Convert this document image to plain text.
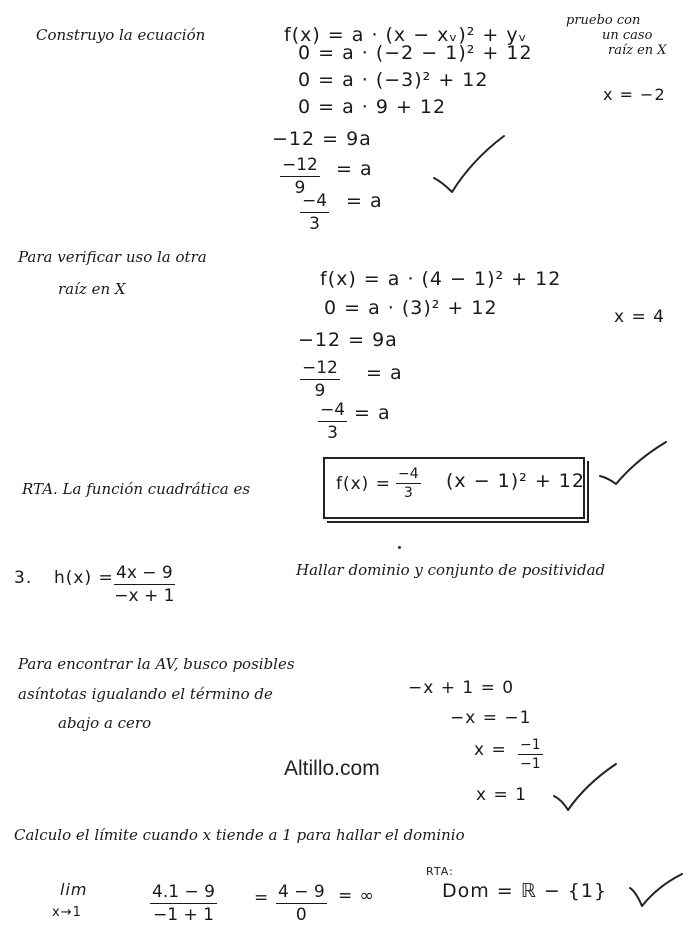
Construyo la ecuación	f(x) = a · (x − xᵥ)² + yᵥ
0 = a · (−2 − 1)² + 12
0 = a · (−3)² + 12
0 = a · 9 + 12
−12 = 9a
$\frac{-12}{9} = a$
$\frac{-4}{3} = a$
pruebo con
un caso
raíz en X
x = −2
Para verificar uso la otra
raíz en X	f(x) = a · (4 − 1)² + 12
0 = a · (3)² + 12
−12 = 9a
$\frac{-12}{9} = a$
$\frac{-4}{3} = a$
x = 4
RTA. La función cuadrática es	$f(x) = \frac{-4}{3} (x - 1)^2 + 12$
3. $h(x) = \frac{4x - 9}{-x + 1}$	Hallar dominio y conjunto de positividad
Para encontrar la AV, busco posibles
asíntotas igualando el término de
abajo a cero
−x + 1 = 0
−x = −1
$x = \frac{-1}{-1}$
x = 1
Altillo.com
Calculo el límite cuando x tiende a 1 para hallar el dominio
lim
x→1	$\frac{4.1 - 9}{-1 + 1} = \frac{4 - 9}{0}$ = ∞
RTA:
Dom = ℝ − {1}
